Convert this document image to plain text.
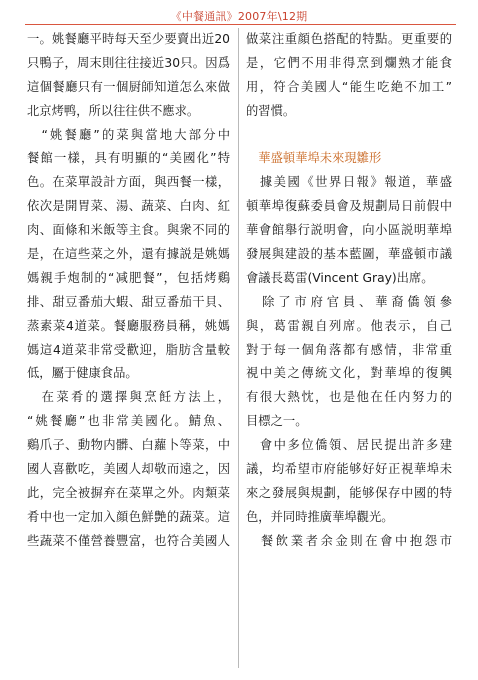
《中餐通訊》2007年\12期
一。姚餐廳平時每天至少要賣出近20
只鴨子，周末則往往接近30只。因爲
這個餐廳只有一個厨師知道怎么來做
北京烤鸭，所以往往供不應求。
　“姚餐廳”的菜與當地大部分中
餐館一樣，具有明顯的“美國化”特
色。在菜單設計方面，與西餐一樣，
依次是開胃菜、湯、蔬菜、白肉、紅
肉、面條和米飯等主食。與衆不同的
是，在這些菜之外，還有據説是姚媽
媽親手炮制的“减肥餐”，包括烤鷄
排、甜豆番茄大蝦、甜豆番茄干貝、
蒸素菜4道菜。餐廳服務員稱，姚媽
媽這4道菜非常受歡迎，脂肪含量較
低，屬于健康食品。
　在菜肴的選擇與烹飪方法上，
“姚餐廳”也非常美國化。鯖魚、
鷄爪子、動物内髒、白蘿卜等菜，中
國人喜歡吃，美國人却敬而遠之，因
此，完全被摒弃在菜單之外。肉類菜
肴中也一定加入顔色鮮艶的蔬菜。這
些蔬菜不僅營養豐富，也符合美國人
做菜注重顔色搭配的特點。更重要的
是，它們不用非得烹到爛熟才能食
用，符合美國人“能生吃絶不加工”
的習慣。
　華盛頓華埠未來現雛形
　據美國《世界日報》報道，華盛
頓華埠復蘇委員會及規劃局日前假中
華會館舉行説明會，向小區説明華埠
發展與建設的基本藍圖，華盛頓市議
會議長葛雷(Vincent Gray)出席。
　除了市府官員、華裔僑領參
與，葛雷親自列席。他表示，自己
對于每一個角落都有感情，非常重
視中美之傳統文化，對華埠的復興
有很大熱忱，也是他在任内努力的
目標之一。
　會中多位僑領、居民提出許多建
議，均希望市府能够好好正視華埠未
來之發展與規劃，能够保存中國的特
色，并同時推廣華埠觀光。
　餐飲業者余金則在會中抱怨市
